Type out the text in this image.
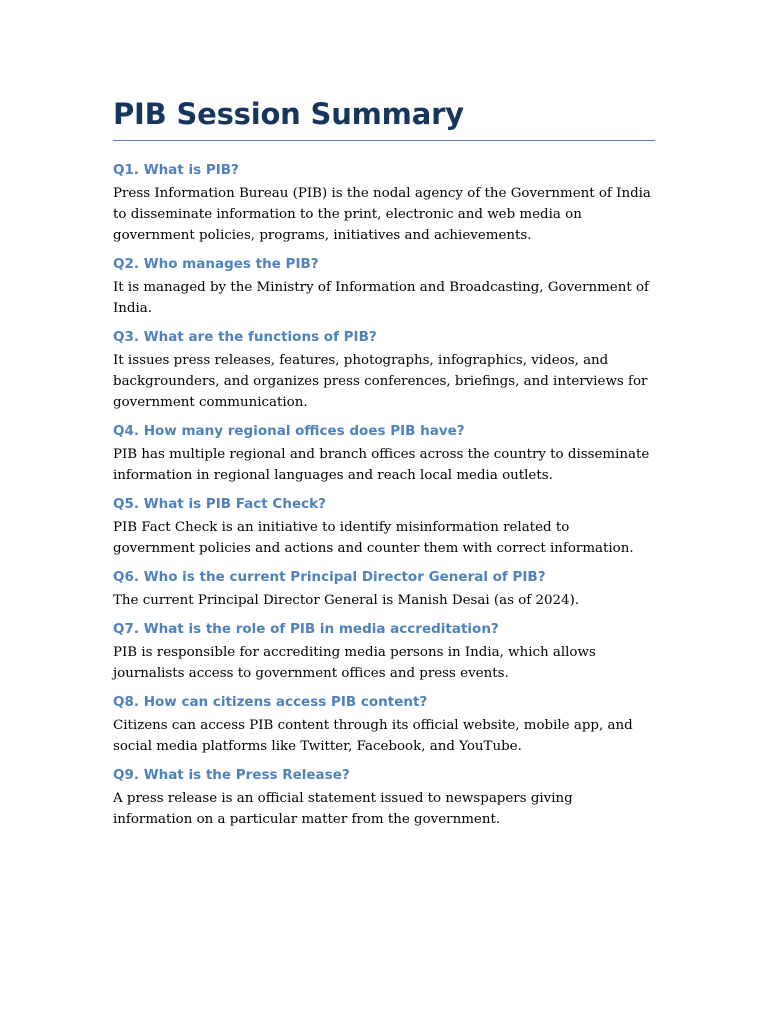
PIB Session Summary
Q1. What is PIB?

Press Information Bureau (PIB) is the nodal agency of the Government of India to disseminate information to the print, electronic and web media on government policies, programs, initiatives and achievements.

Q2. Who manages the PIB?

It is managed by the Ministry of Information and Broadcasting, Government of India.

Q3. What are the functions of PIB?

It issues press releases, features, photographs, infographics, videos, and backgrounders, and organizes press conferences, briefings, and interviews for government communication.

Q4. How many regional offices does PIB have?

PIB has multiple regional and branch offices across the country to disseminate information in regional languages and reach local media outlets.

Q5. What is PIB Fact Check?

PIB Fact Check is an initiative to identify misinformation related to government policies and actions and counter them with correct information.

Q6. Who is the current Principal Director General of PIB?

The current Principal Director General is Manish Desai (as of 2024).

Q7. What is the role of PIB in media accreditation?

PIB is responsible for accrediting media persons in India, which allows journalists access to government offices and press events.

Q8. How can citizens access PIB content?

Citizens can access PIB content through its official website, mobile app, and social media platforms like Twitter, Facebook, and YouTube.

Q9. What is the Press Release?

A press release is an official statement issued to newspapers giving information on a particular matter from the government.
